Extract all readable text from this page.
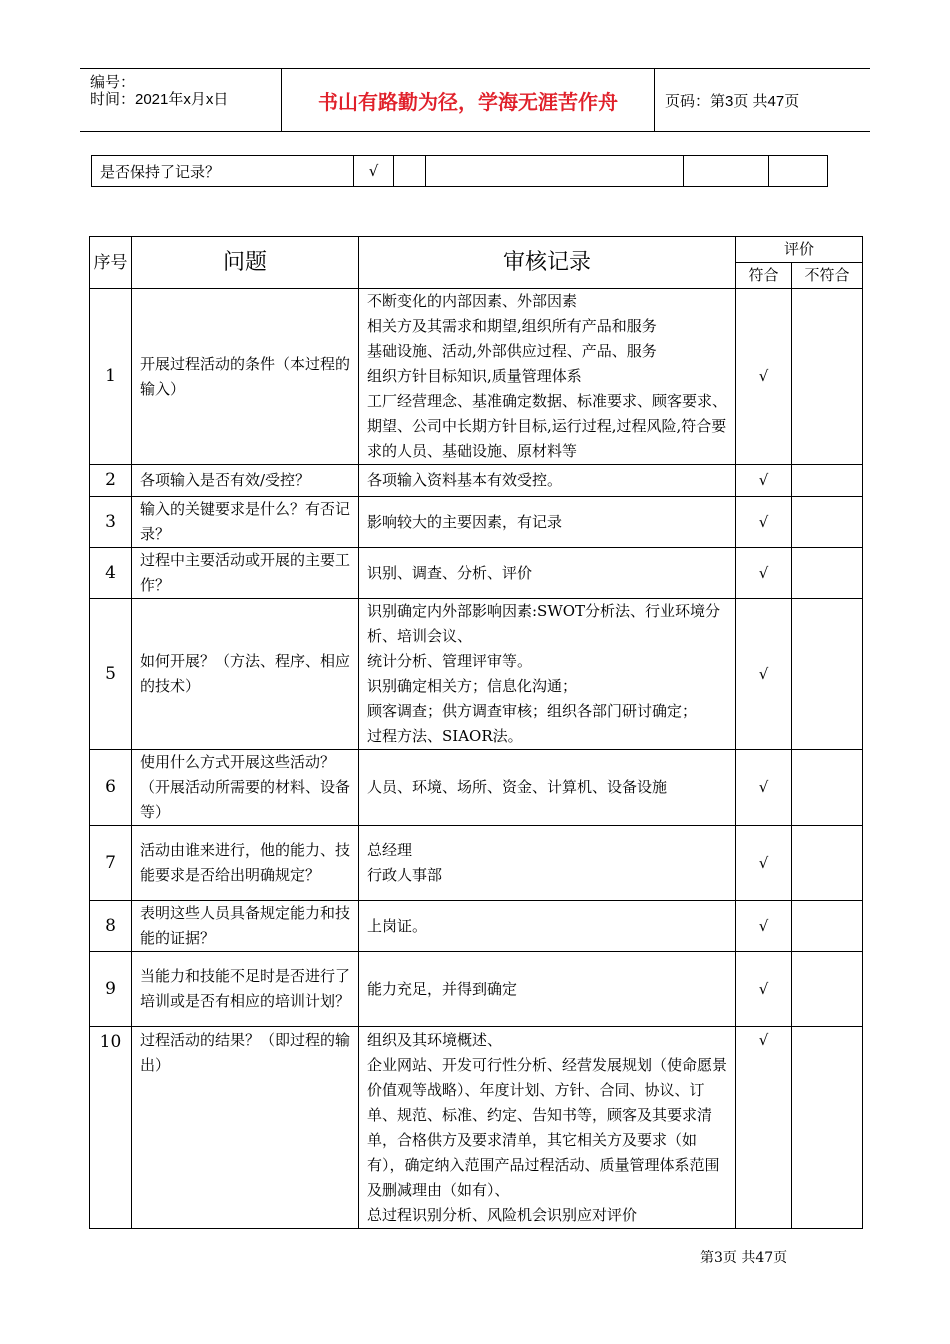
编号：
时间：2021年x月x日	书山有路勤为径，学海无涯苦作舟	页码：第3页 共47页
是否保持了记录？	√				
序号	问题	审核记录	评价	
			符合	不符合
1	开展过程活动的条件（本过程的输入）	不断变化的内部因素、外部因素
相关方及其需求和期望,组织所有产品和服务
基础设施、活动,外部供应过程、产品、服务
组织方针目标知识,质量管理体系
工厂经营理念、基准确定数据、标准要求、顾客要求、期望、公司中长期方针目标,运行过程,过程风险,符合要求的人员、基础设施、原材料等	√	
2	各项输入是否有效/受控？	各项输入资料基本有效受控。	√	
3	输入的关键要求是什么？有否记录？	影响较大的主要因素，有记录	√	
4	过程中主要活动或开展的主要工作？	识别、调查、分析、评价	√	
5	如何开展？（方法、程序、相应的技术）	识别确定内外部影响因素:SWOT分析法、行业环境分析、培训会议、
统计分析、管理评审等。
识别确定相关方；信息化沟通；
顾客调查；供方调查审核；组织各部门研讨确定；
过程方法、SIAOR法。	√	
6	使用什么方式开展这些活动？（开展活动所需要的材料、设备等）	人员、环境、场所、资金、计算机、设备设施	√	
7	活动由谁来进行，他的能力、技能要求是否给出明确规定？	总经理
行政人事部	√	
8	表明这些人员具备规定能力和技能的证据？	上岗证。	√	
9	当能力和技能不足时是否进行了培训或是否有相应的培训计划？	能力充足，并得到确定	√	
10	过程活动的结果？（即过程的输出）	组织及其环境概述、
企业网站、开发可行性分析、经营发展规划（使命愿景价值观等战略）、年度计划、方针、合同、协议、订单、规范、标准、约定、告知书等，顾客及其要求清单，合格供方及要求清单，其它相关方及要求（如有），确定纳入范围产品过程活动、质量管理体系范围及删减理由（如有）、
总过程识别分析、风险机会识别应对评价	√	
第3页 共47页
